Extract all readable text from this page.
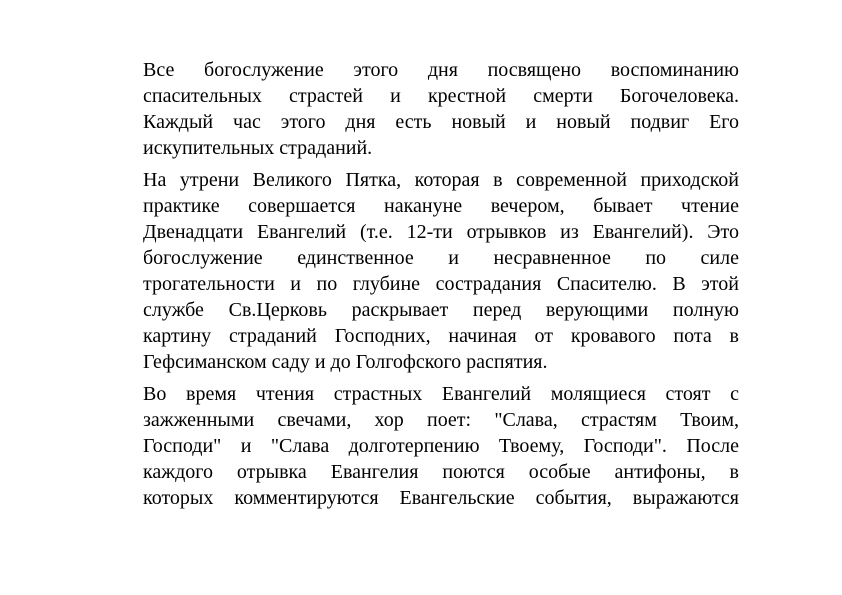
Все богослужение этого дня посвящено воспоминанию
спасительных страстей и крестной смерти Богочеловека.
Каждый час этого дня есть новый и новый подвиг Его
искупительных страданий.
На утрени Великого Пятка, которая в современной приходской
практике совершается накануне вечером, бывает чтение
Двенадцати Евангелий (т.е. 12-ти отрывков из Евангелий). Это
богослужение единственное и несравненное по силе
трогательности и по глубине сострадания Спасителю. В этой
службе Св.Церковь раскрывает перед верующими полную
картину страданий Господних, начиная от кровавого пота в
Гефсиманском саду и до Голгофского распятия.
Во время чтения страстных Евангелий молящиеся стоят с
зажженными свечами, хор поет: "Слава, страстям Твоим,
Господи" и "Слава долготерпению Твоему, Господи". После
каждого отрывка Евангелия поются особые антифоны, в
которых комментируются Евангельские события, выражаются
